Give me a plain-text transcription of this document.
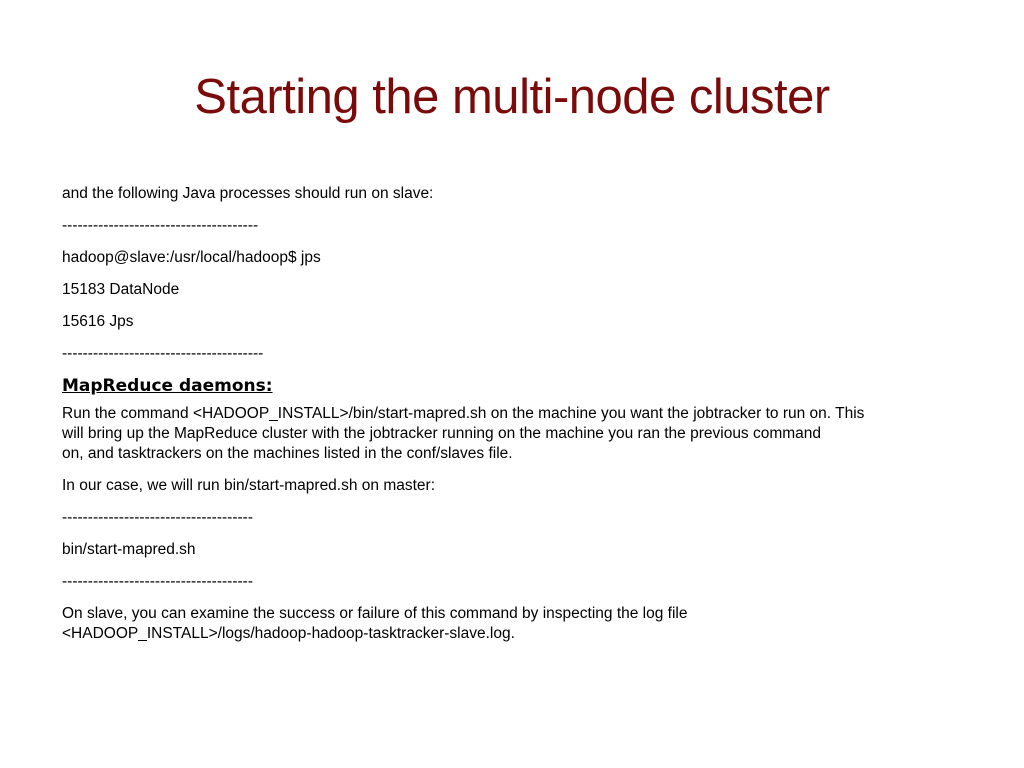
Starting the multi-node cluster
and the following Java processes should run on slave:
--------------------------------------
hadoop@slave:/usr/local/hadoop$ jps
15183 DataNode
15616 Jps
---------------------------------------
MapReduce daemons:
Run the command <HADOOP_INSTALL>/bin/start-mapred.sh on the machine you want the jobtracker to run on. This
will bring up the MapReduce cluster with the jobtracker running on the machine you ran the previous command
on, and tasktrackers on the machines listed in the conf/slaves file.
In our case, we will run bin/start-mapred.sh on master:
-------------------------------------
bin/start-mapred.sh
-------------------------------------
On slave, you can examine the success or failure of this command by inspecting the log file
<HADOOP_INSTALL>/logs/hadoop-hadoop-tasktracker-slave.log.
